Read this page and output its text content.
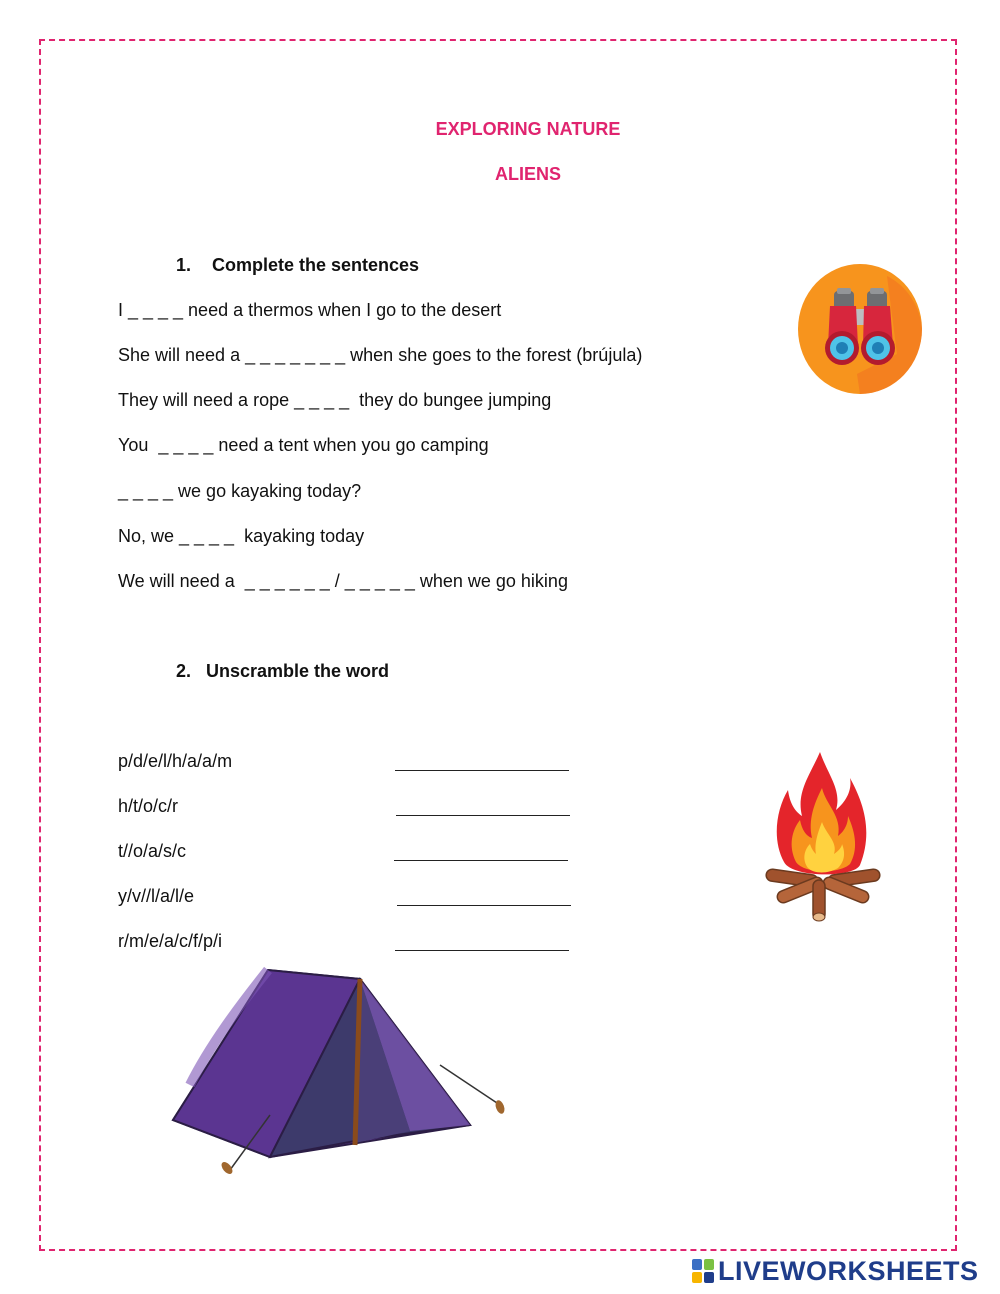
EXPLORING NATURE
ALIENS
1. Complete the sentences
I _ _ _ _ need a thermos when I go to the desert
She will need a _ _ _ _ _ _ _ when she goes to the forest (brújula)
They will need a rope _ _ _ _  they do bungee jumping
You  _ _ _ _ need a tent when you go camping
_ _ _ _ we go kayaking today?
No, we _ _ _ _  kayaking today
We will need a  _ _ _ _ _ _ / _ _ _ _ _ when we go hiking
2. Unscramble the word
p/d/e/l/h/a/a/m
h/t/o/c/r
t//o/a/s/c
y/v//l/a/l/e
r/m/e/a/c/f/p/i
LIVEWORKSHEETS
